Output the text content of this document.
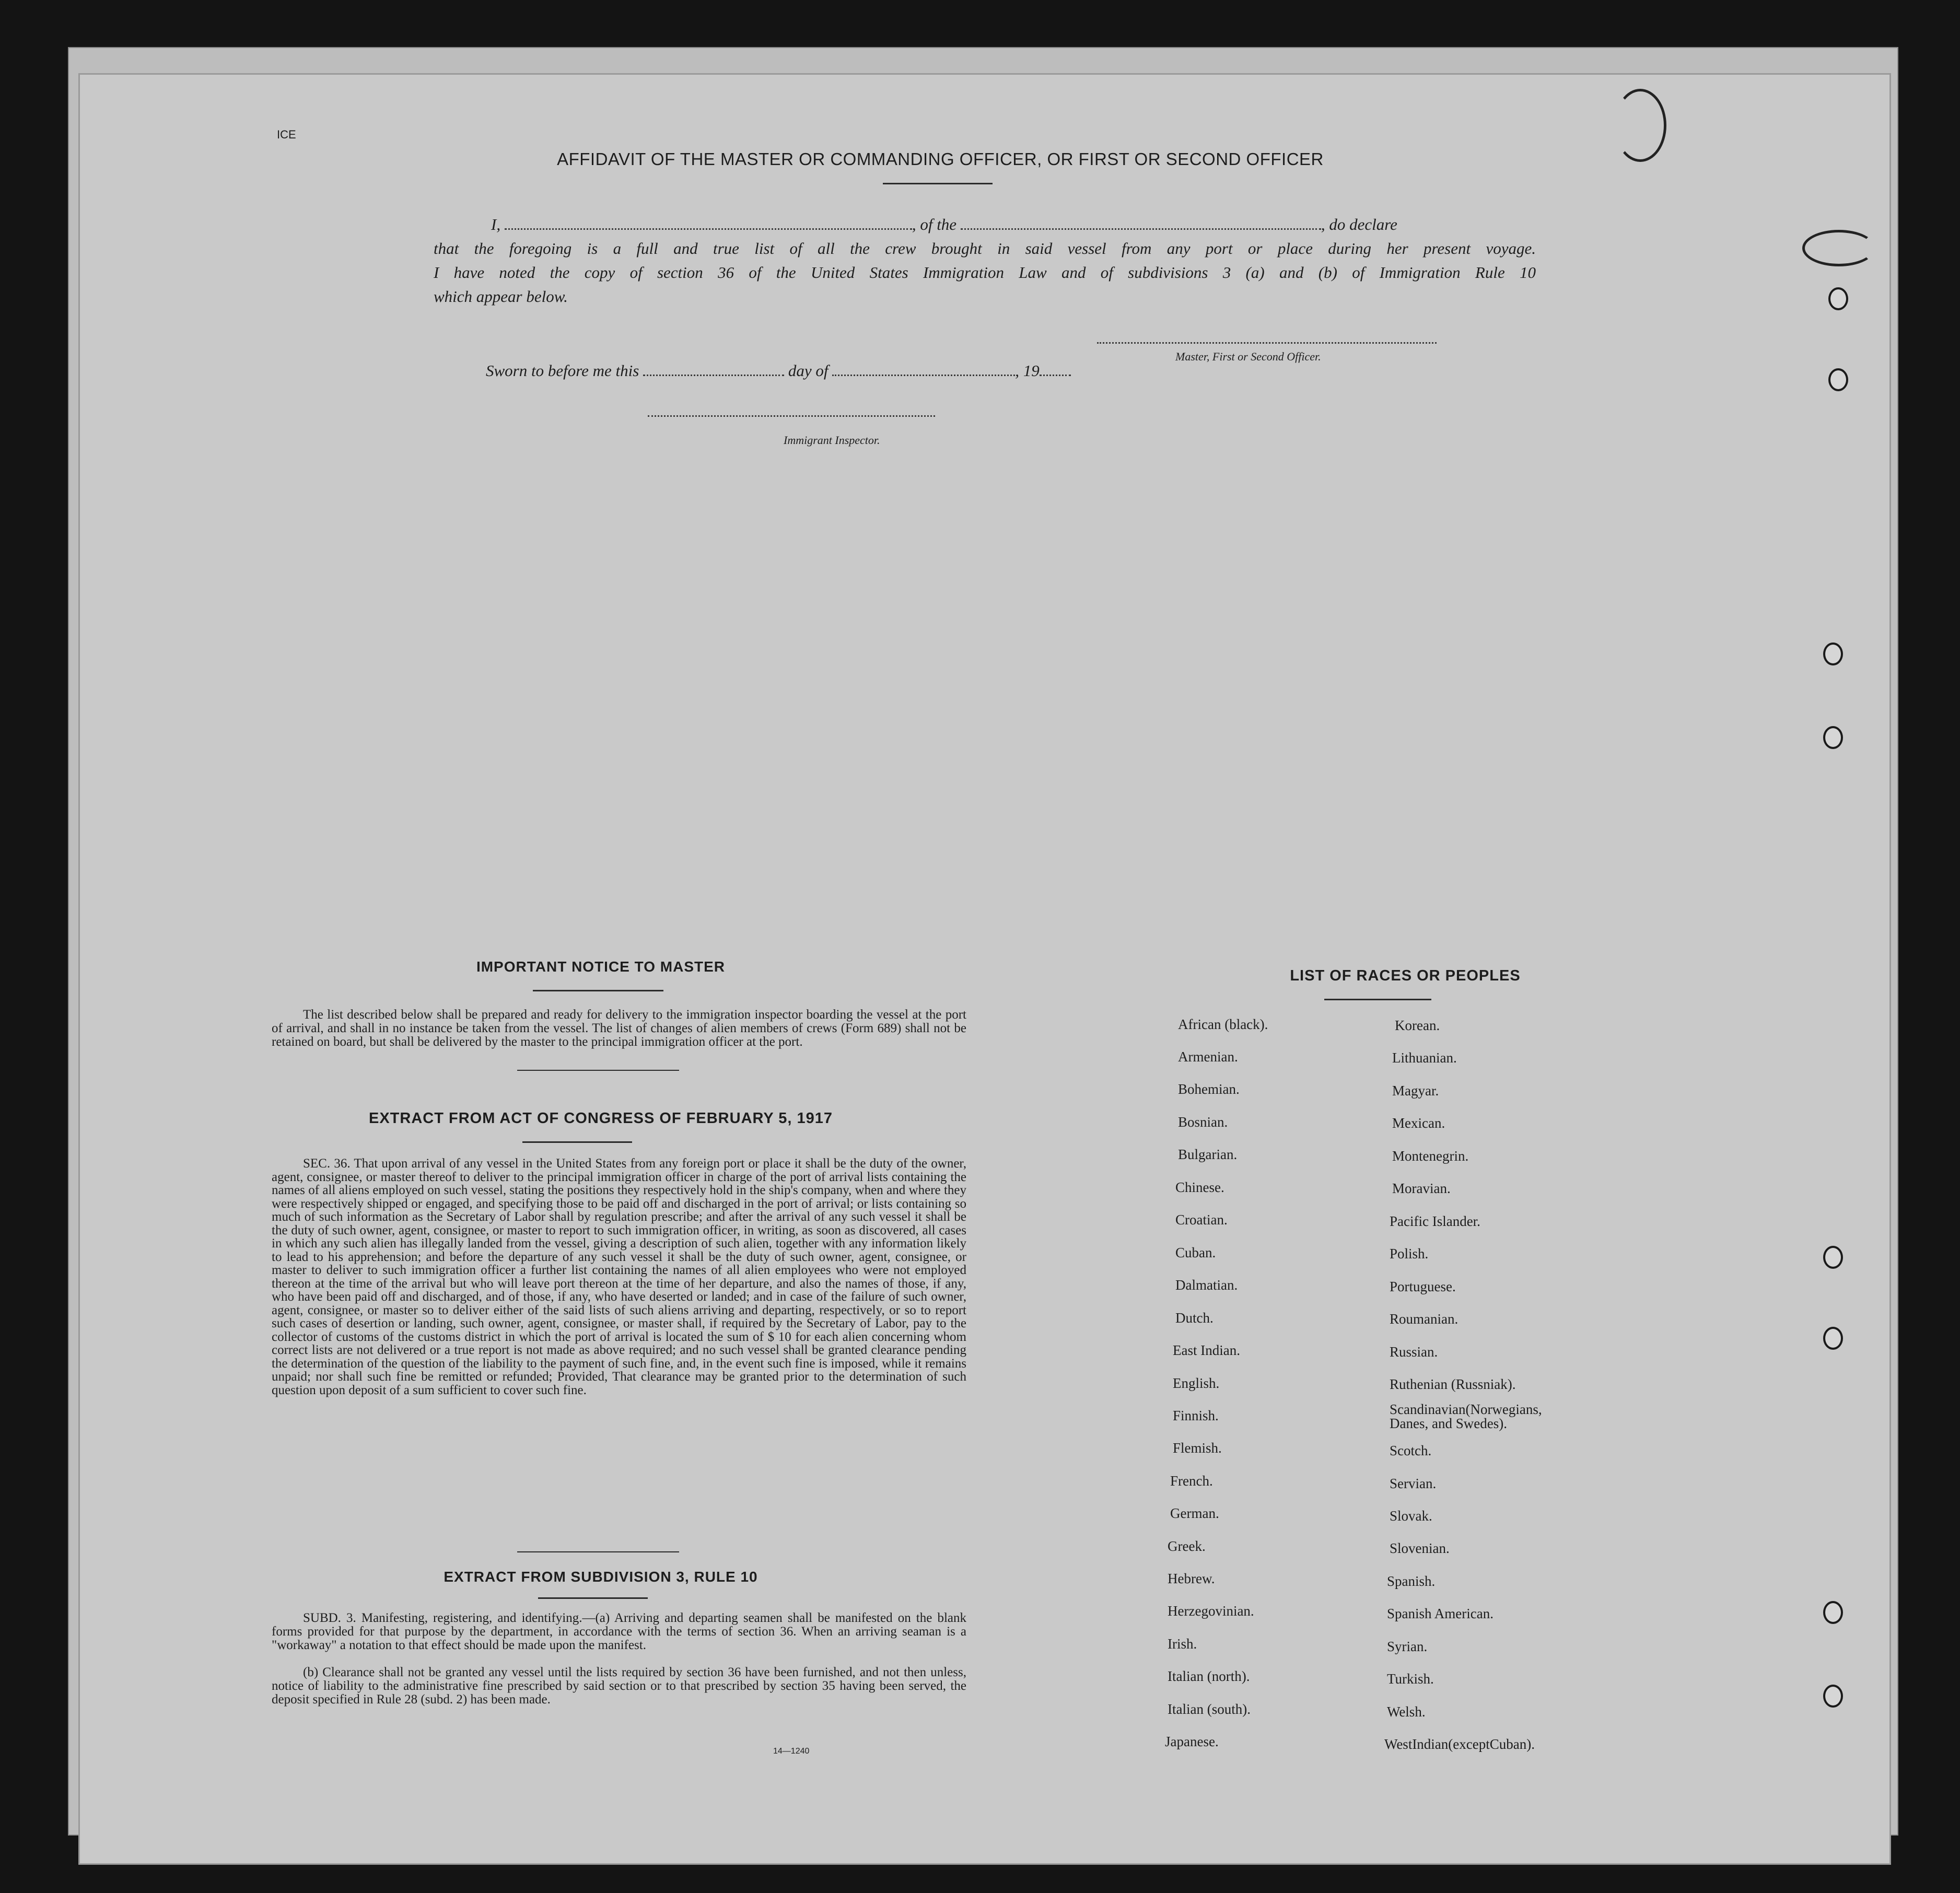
ICE
AFFIDAVIT OF THE MASTER OR COMMANDING OFFICER, OR FIRST OR SECOND OFFICER
I,	, of the	, do declare
that the foregoing is a full and true list of all the crew brought in said vessel from any port or place during her present voyage.
I have noted the copy of section 36 of the United States Immigration Law and of subdivisions 3 (a) and (b) of Immigration Rule 10
which appear below.
Master, First or Second Officer.
Sworn to before me this	day of	, 19
Immigrant Inspector.
IMPORTANT NOTICE TO MASTER
The list described below shall be prepared and ready for delivery to the immigration inspector boarding the vessel at the port of arrival, and shall in no instance be taken from the vessel. The list of changes of alien members of crews (Form 689) shall not be retained on board, but shall be delivered by the master to the principal immigration officer at the port.
EXTRACT FROM ACT OF CONGRESS OF FEBRUARY 5, 1917
SEC. 36. That upon arrival of any vessel in the United States from any foreign port or place it shall be the duty of the owner, agent, consignee, or master thereof to deliver to the principal immigration officer in charge of the port of arrival lists containing the names of all aliens employed on such vessel, stating the positions they respectively hold in the ship's company, when and where they were respectively shipped or engaged, and specifying those to be paid off and discharged in the port of arrival; or lists containing so much of such information as the Secretary of Labor shall by regulation prescribe; and after the arrival of any such vessel it shall be the duty of such owner, agent, consignee, or master to report to such immigration officer, in writing, as soon as discovered, all cases in which any such alien has illegally landed from the vessel, giving a description of such alien, together with any information likely to lead to his apprehension; and before the departure of any such vessel it shall be the duty of such owner, agent, consignee, or master to deliver to such immigration officer a further list containing the names of all alien employees who were not employed thereon at the time of the arrival but who will leave port thereon at the time of her departure, and also the names of those, if any, who have been paid off and discharged, and of those, if any, who have deserted or landed; and in case of the failure of such owner, agent, consignee, or master so to deliver either of the said lists of such aliens arriving and departing, respectively, or so to report such cases of desertion or landing, such owner, agent, consignee, or master shall, if required by the Secretary of Labor, pay to the collector of customs of the customs district in which the port of arrival is located the sum of $ 10 for each alien concerning whom correct lists are not delivered or a true report is not made as above required; and no such vessel shall be granted clearance pending the determination of the question of the liability to the payment of such fine, and, in the event such fine is imposed, while it remains unpaid; nor shall such fine be remitted or refunded; Provided, That clearance may be granted prior to the determination of such question upon deposit of a sum sufficient to cover such fine.
EXTRACT FROM SUBDIVISION 3, RULE 10
SUBD. 3. Manifesting, registering, and identifying.—(a) Arriving and departing seamen shall be manifested on the blank forms provided for that purpose by the department, in accordance with the terms of section 36. When an arriving seaman is a "workaway" a notation to that effect should be made upon the manifest.
(b) Clearance shall not be granted any vessel until the lists required by section 36 have been furnished, and not then unless, notice of liability to the administrative fine prescribed by said section or to that prescribed by section 35 having been served, the deposit specified in Rule 28 (subd. 2) has been made.
14—1240
LIST OF RACES OR PEOPLES
African (black).
Armenian.
Bohemian.
Bosnian.
Bulgarian.
Chinese.
Croatian.
Cuban.
Dalmatian.
Dutch.
East Indian.
English.
Finnish.
Flemish.
French.
German.
Greek.
Hebrew.
Herzegovinian.
Irish.
Italian (north).
Italian (south).
Japanese.
Korean.
Lithuanian.
Magyar.
Mexican.
Montenegrin.
Moravian.
Pacific Islander.
Polish.
Portuguese.
Roumanian.
Russian.
Ruthenian (Russniak).
Scandinavian(Norwegians, Danes, and Swedes).
Scotch.
Servian.
Slovak.
Slovenian.
Spanish.
Spanish American.
Syrian.
Turkish.
Welsh.
WestIndian(exceptCuban).
